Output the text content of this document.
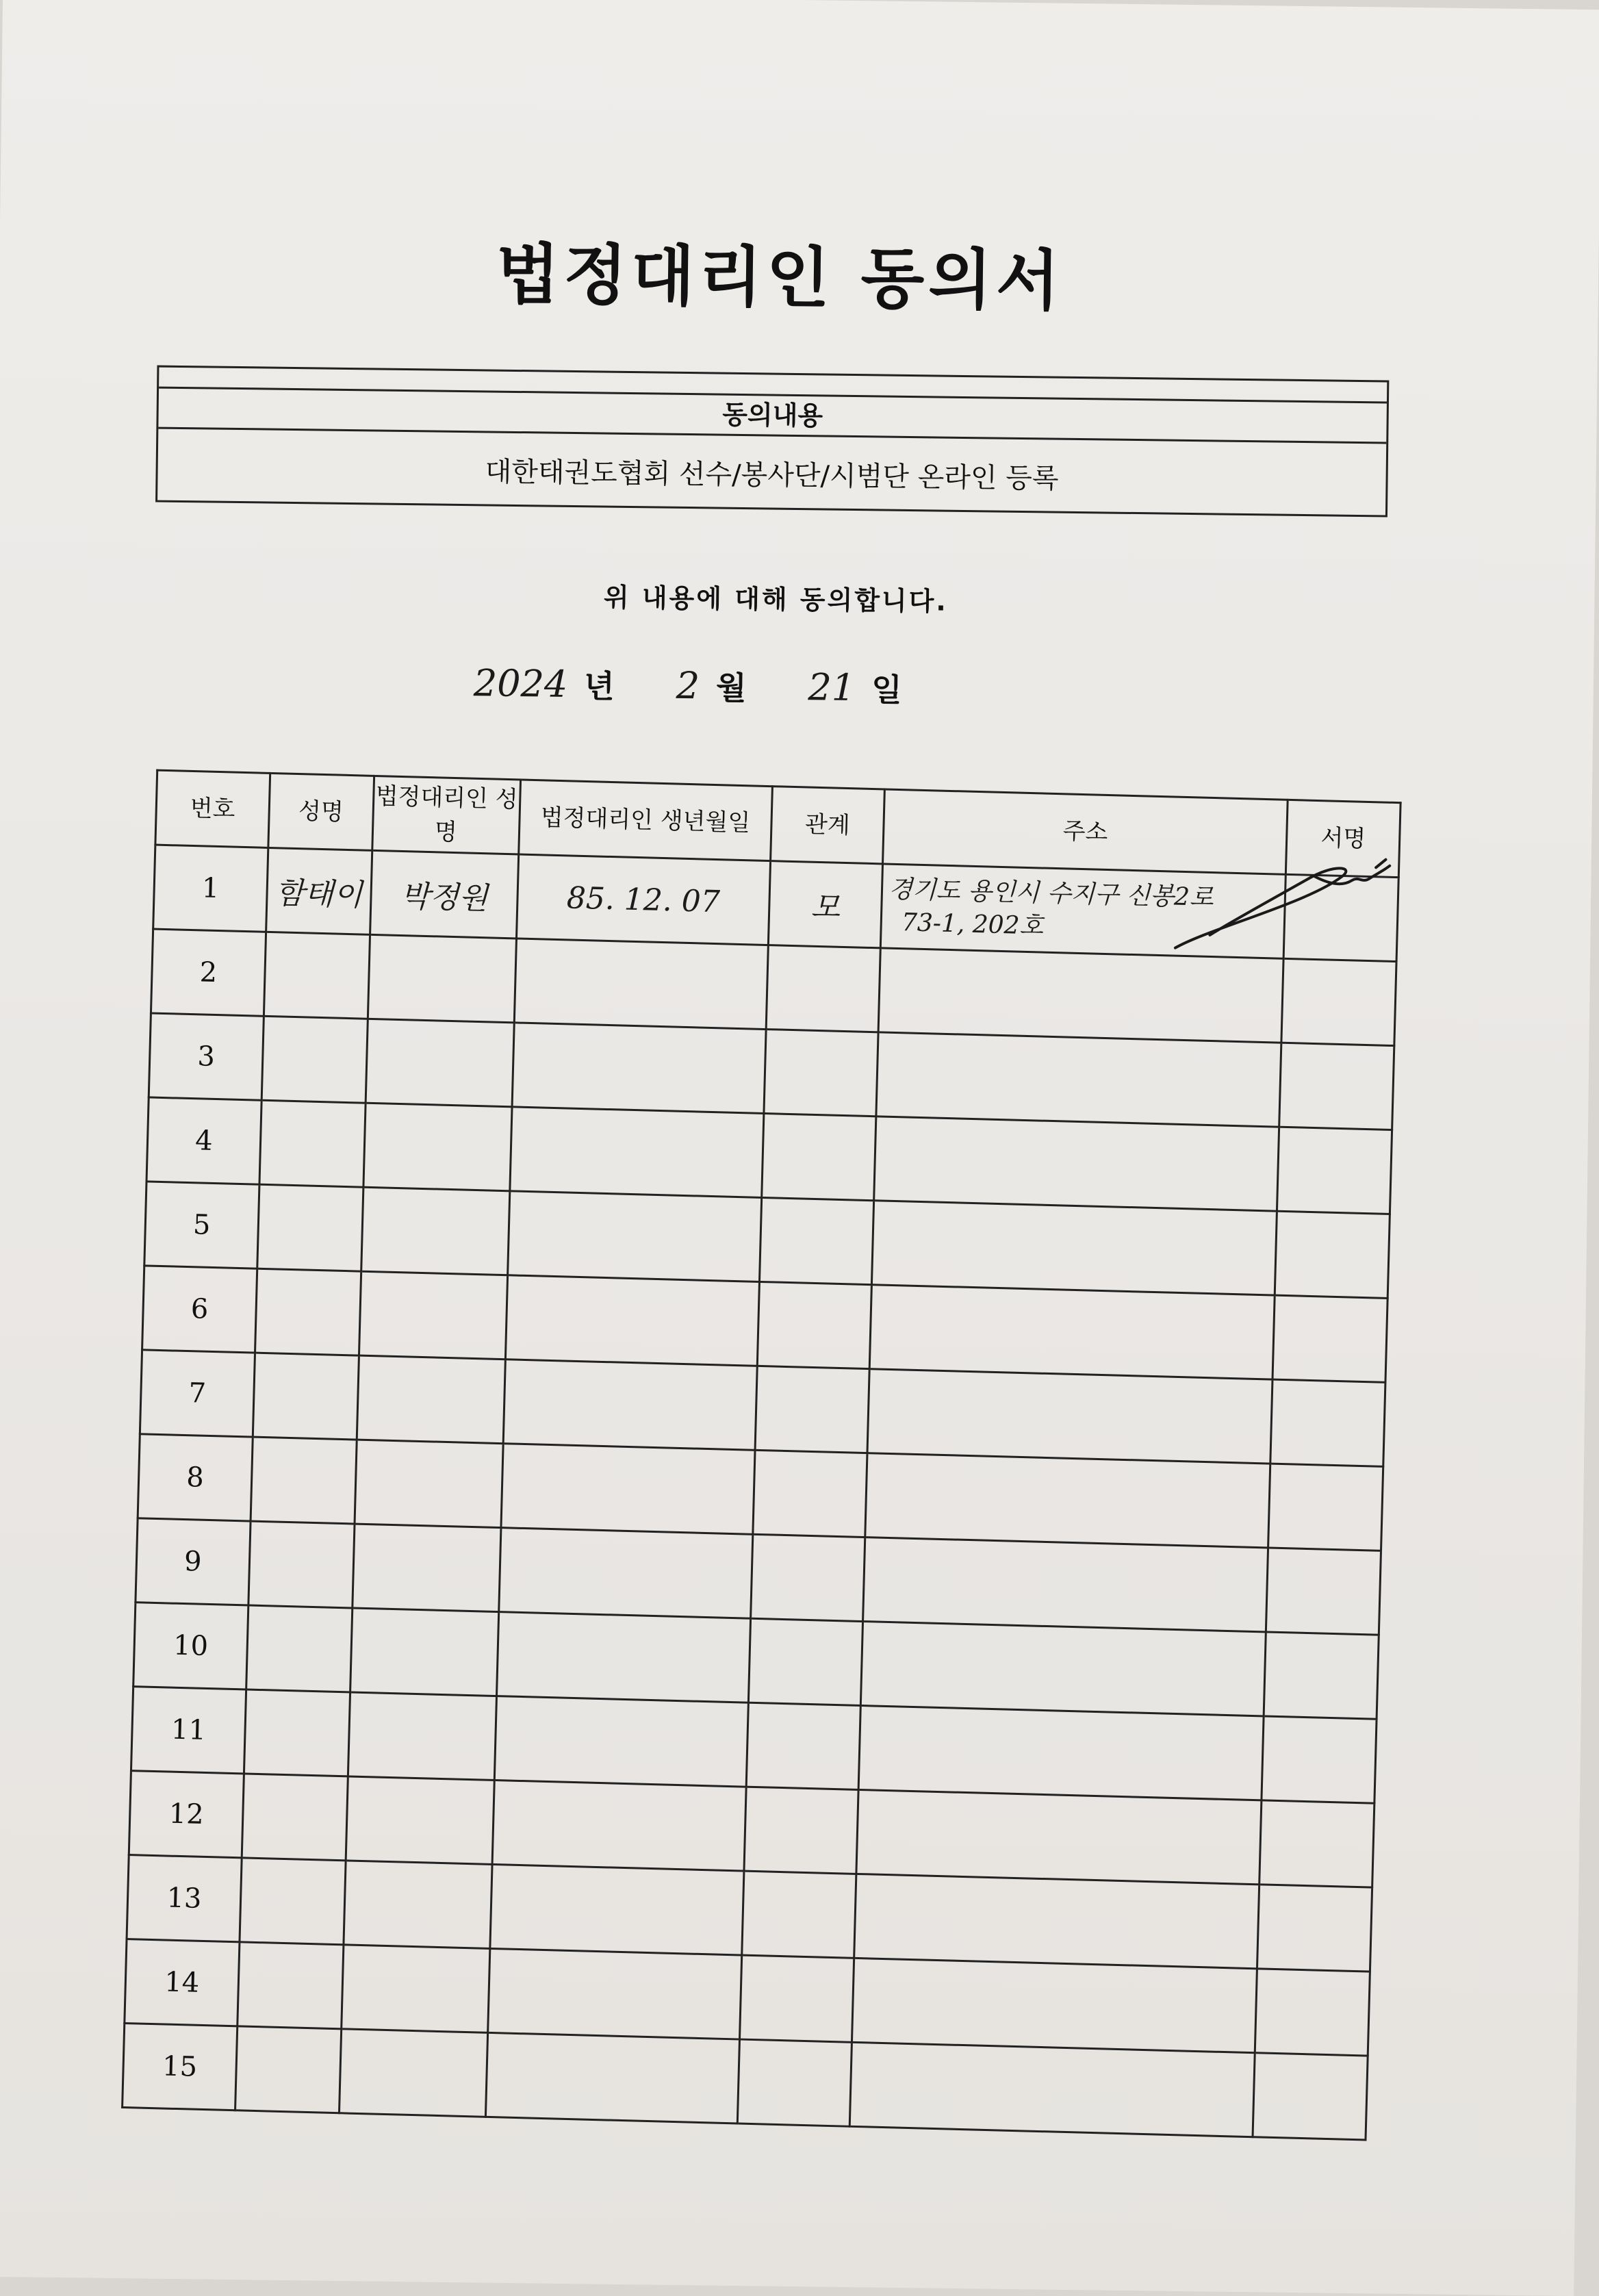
법정대리인 동의서
동의내용
대한태권도협회 선수/봉사단/시범단 온라인 등록
위 내용에 대해 동의합니다.
2024 년 2 월 21 일
번호	성명	법정대리인 성명	법정대리인 생년월일	관계	주소	서명
1	함태이	박정원	85. 12. 07	모	경기도 용인시 수지구 신봉2로
73-1, 202호

2					

3					

4					

5					

6					

7					

8					

9					

10					

11					

12					

13					

14					

15					
